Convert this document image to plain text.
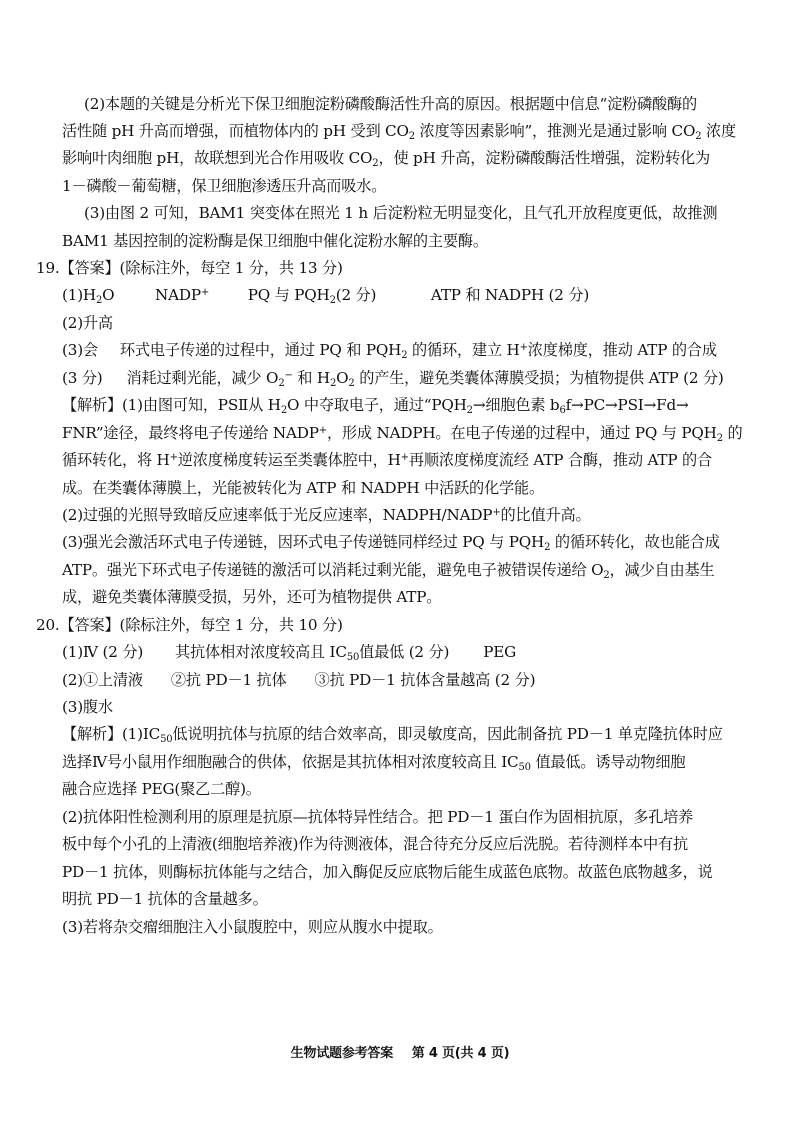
(2)本题的关键是分析光下保卫细胞淀粉磷酸酶活性升高的原因。根据题中信息“淀粉磷酸酶的
活性随 pH 升高而增强，而植物体内的 pH 受到 $CO_2$ 浓度等因素影响”，推测光是通过影响 $CO_2$ 浓度
影响叶肉细胞 pH，故联想到光合作用吸收 $CO_2$，使 pH 升高，淀粉磷酸酶活性增强，淀粉转化为
1－磷酸－葡萄糖，保卫细胞渗透压升高而吸水。
(3)由图 2 可知，BAM1 突变体在照光 1 h 后淀粉粒无明显变化，且气孔开放程度更低，故推测
BAM1 基因控制的淀粉酶是保卫细胞中催化淀粉水解的主要酶。
19.【答案】(除标注外，每空 1 分，共 13 分)
$(1)H_2O$	NADP+	PQ 与 $PQH_2(2$ 分)	ATP 和 NADPH (2 分)
(2)升高
(3)会 环式电子传递的过程中，通过 PQ 和 $PQH_2$ 的循环，建立 H+浓度梯度，推动 ATP 的合成
(3 分) 消耗过剩光能，减少 $O_2^-$ 和 $H_2O_2$ 的产生，避免类囊体薄膜受损；为植物提供 ATP (2 分)
【解析】(1)由图可知，PSⅡ从 $H_2O$ 中夺取电子，通过“$PQH_2\to$细胞色素 $b_6f\to PC\to PSⅠ\to Fd\to$
FNR”途径，最终将电子传递给 NADP+，形成 NADPH。在电子传递的过程中，通过 PQ 与 $PQH_2$ 的
循环转化，将 H+逆浓度梯度转运至类囊体腔中，H+再顺浓度梯度流经 ATP 合酶，推动 ATP 的合
成。在类囊体薄膜上，光能被转化为 ATP 和 NADPH 中活跃的化学能。
(2)过强的光照导致暗反应速率低于光反应速率，NADPH/NADP+的比值升高。
(3)强光会激活环式电子传递链，因环式电子传递链同样经过 PQ 与 $PQH_2$ 的循环转化，故也能合成
ATP。强光下环式电子传递链的激活可以消耗过剩光能，避免电子被错误传递给 $O_2$，减少自由基生
成，避免类囊体薄膜受损，另外，还可为植物提供 ATP。
20.【答案】(除标注外，每空 1 分，共 10 分)
(1)Ⅳ (2 分) 其抗体相对浓度较高且 $IC_{50}$值最低 (2 分) PEG
(2)①上清液 ②抗 PD－1 抗体 ③抗 PD－1 抗体含量越高 (2 分)
(3)腹水
【解析】$(1)IC_{50}$低说明抗体与抗原的结合效率高，即灵敏度高，因此制备抗 PD－1 单克隆抗体时应
选择Ⅳ号小鼠用作细胞融合的供体，依据是其抗体相对浓度较高且 $IC_{50}$ 值最低。诱导动物细胞
融合应选择 PEG(聚乙二醇)。
(2)抗体阳性检测利用的原理是抗原—抗体特异性结合。把 PD－1 蛋白作为固相抗原，多孔培养
板中每个小孔的上清液(细胞培养液)作为待测液体，混合待充分反应后洗脱。若待测样本中有抗
PD－1 抗体，则酶标抗体能与之结合，加入酶促反应底物后能生成蓝色底物。故蓝色底物越多，说
明抗 PD－1 抗体的含量越多。
(3)若将杂交瘤细胞注入小鼠腹腔中，则应从腹水中提取。
生物试题参考答案 第 4 页(共 4 页)
